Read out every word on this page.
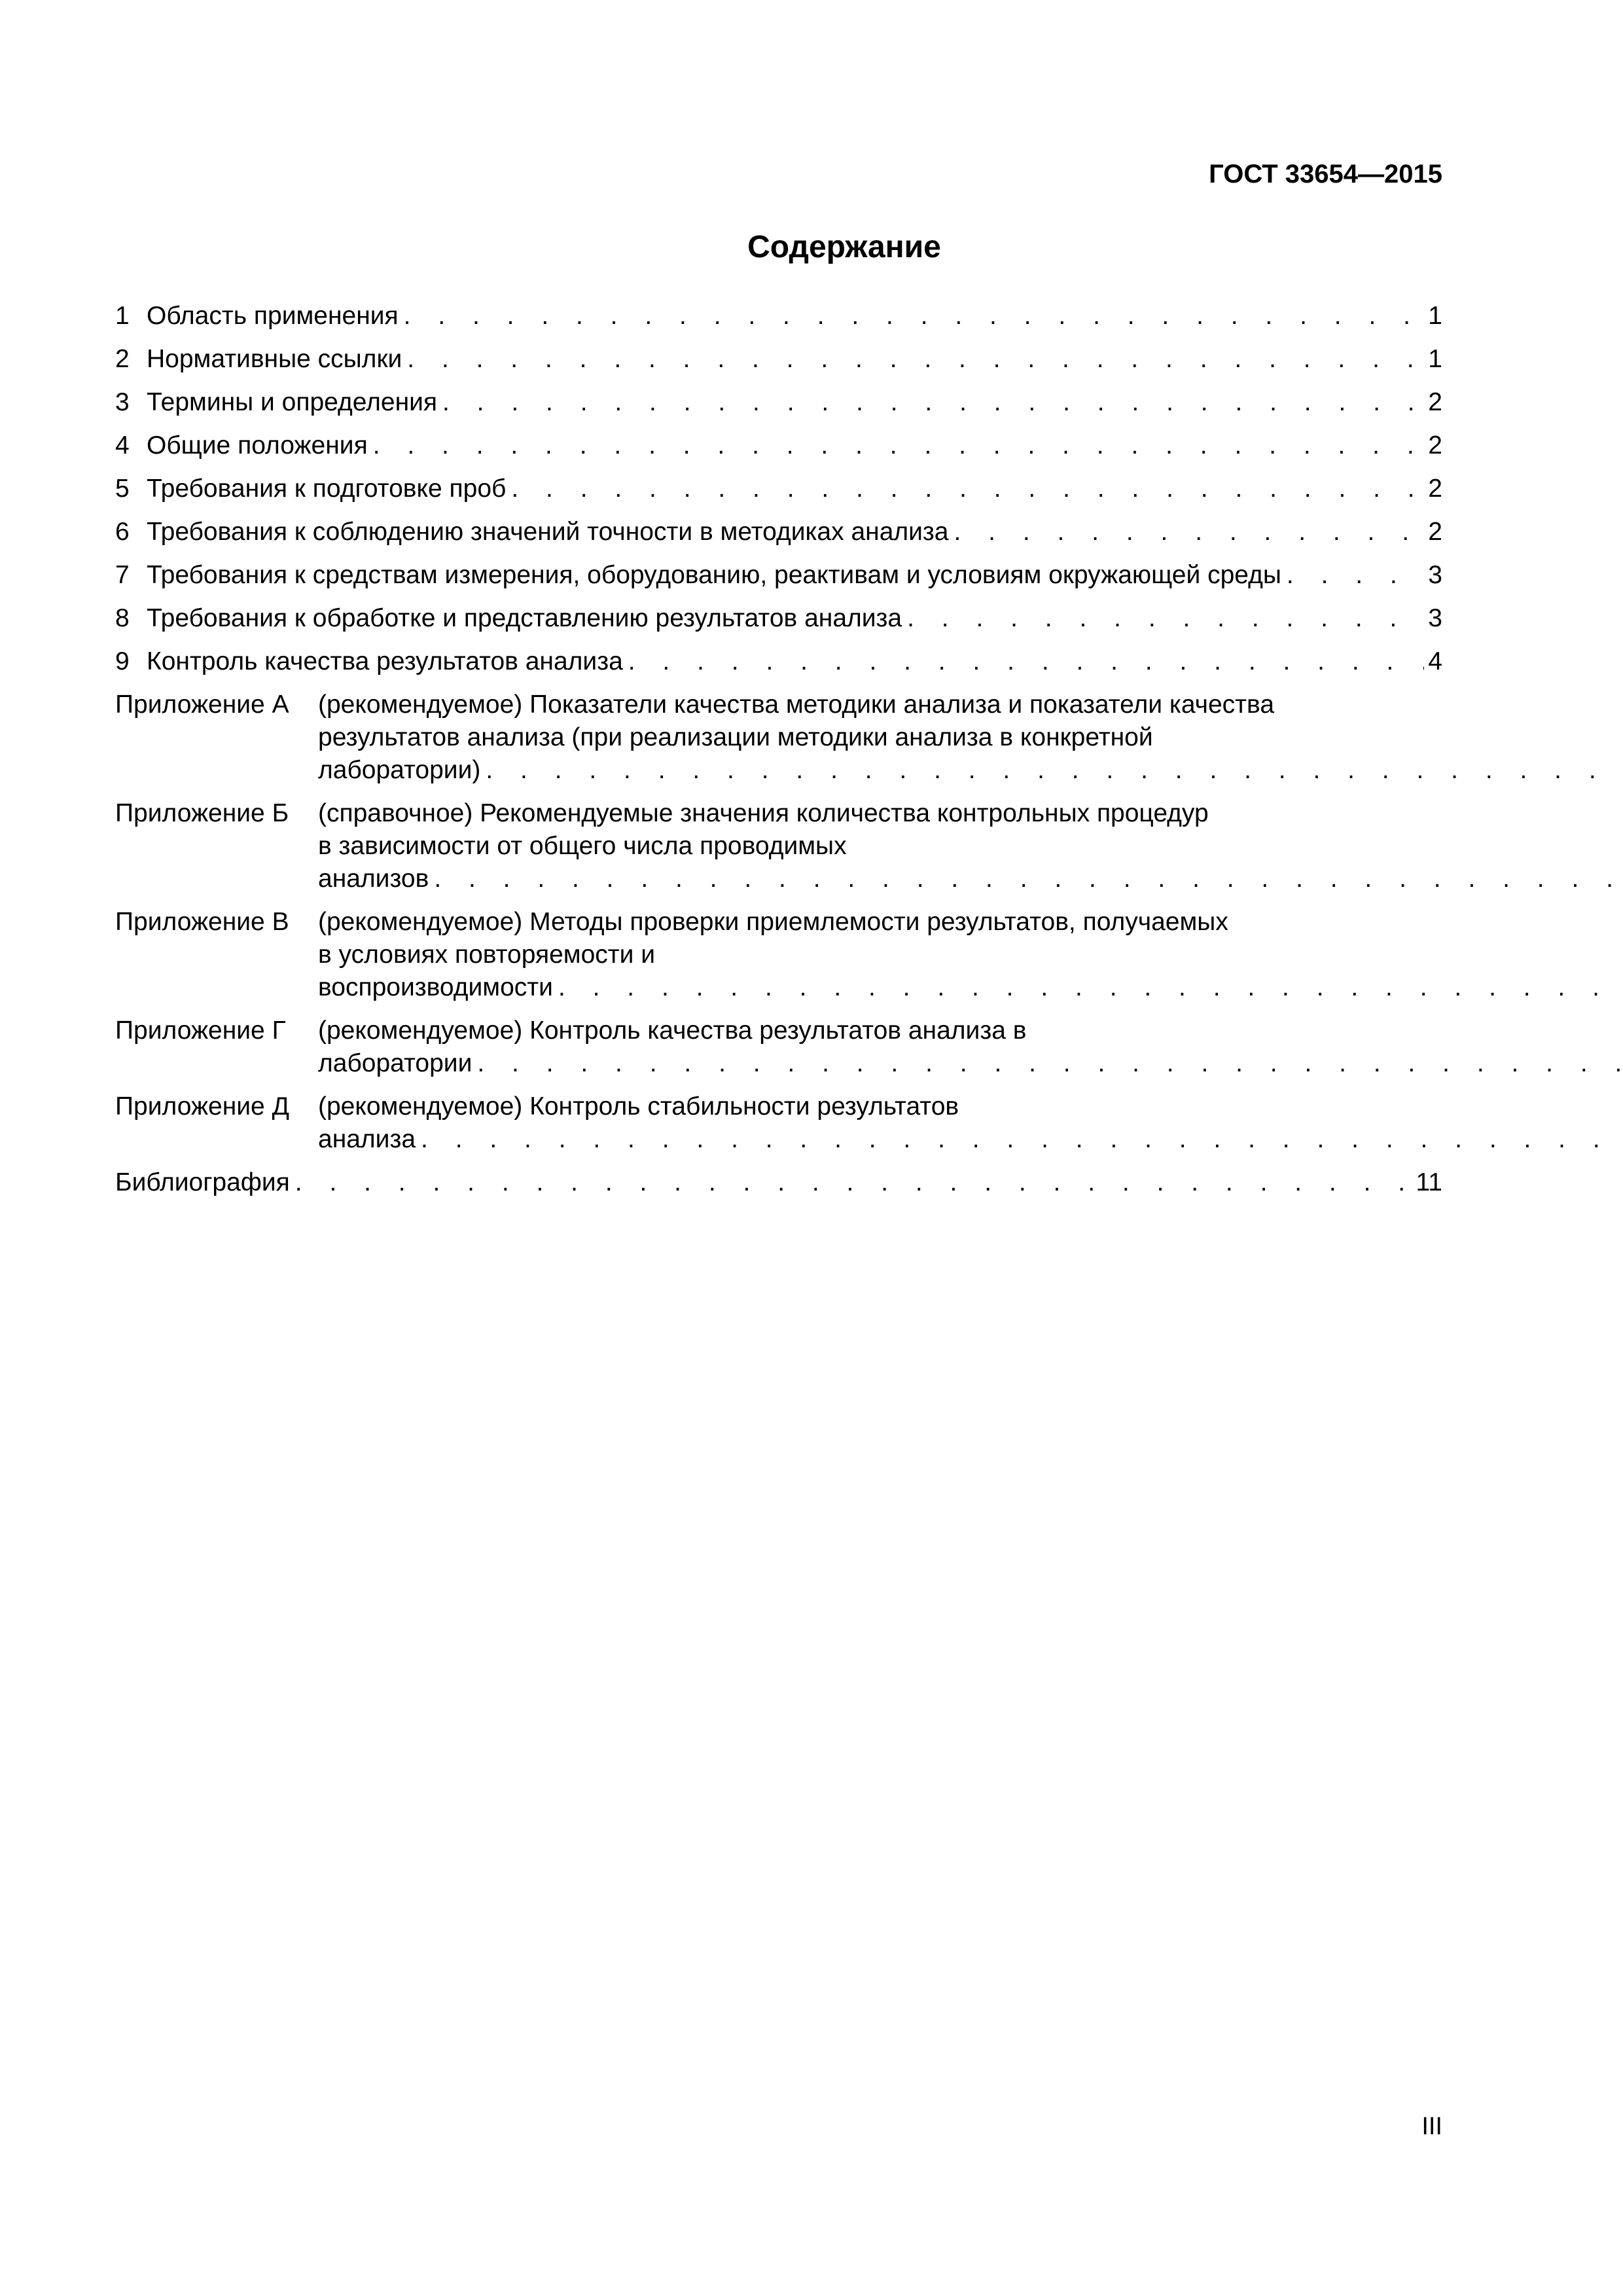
ГОСТ 33654—2015
Содержание
1 Область применения . . .	1
2 Нормативные ссылки . . .	1
3 Термины и определения . . .	2
4 Общие положения . . .	2
5 Требования к подготовке проб . . .	2
6 Требования к соблюдению значений точности в методиках анализа . . .	2
7 Требования к средствам измерения, оборудованию, реактивам и условиям окружающей среды . . .	3
8 Требования к обработке и представлению результатов анализа . . .	3
9 Контроль качества результатов анализа . . .	4
Приложение А	(рекомендуемое) Показатели качества методики анализа и показатели качества
результатов анализа (при реализации методики анализа в конкретной
лаборатории). . .
Приложение Б	(справочное) Рекомендуемые значения количества контрольных процедур
в зависимости от общего числа проводимых анализов. . .
Приложение В	(рекомендуемое) Методы проверки приемлемости результатов, получаемых
в условиях повторяемости и воспроизводимости. . .
Приложение Г	(рекомендуемое) Контроль качества результатов анализа в лаборатории. . .
Приложение Д	(рекомендуемое) Контроль стабильности результатов анализа. . .
Библиография . . .	11
III
